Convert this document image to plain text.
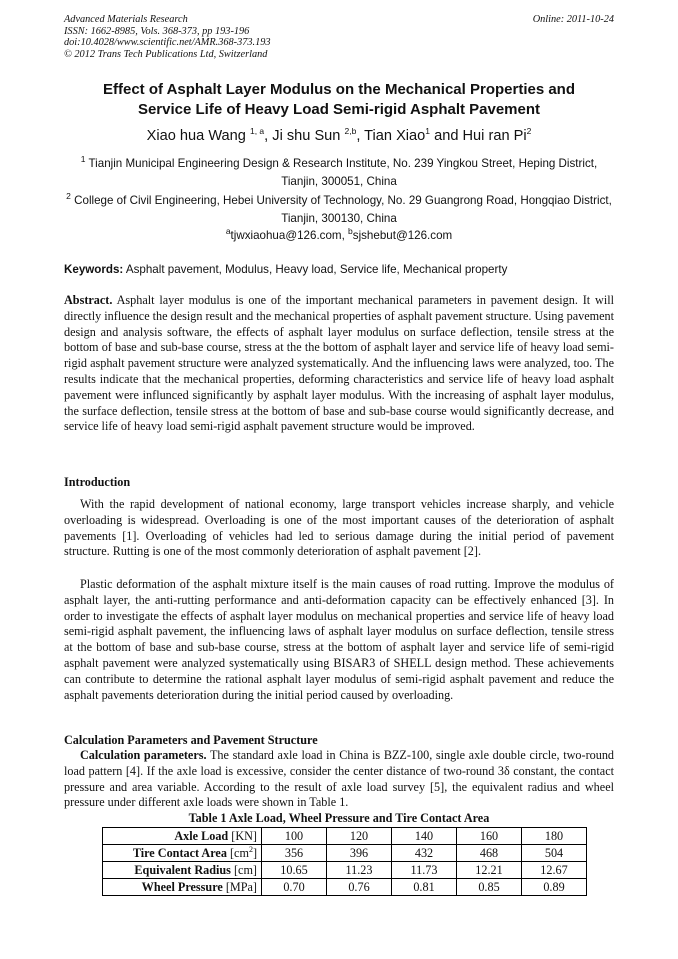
Advanced Materials Research
ISSN: 1662-8985, Vols. 368-373, pp 193-196
doi:10.4028/www.scientific.net/AMR.368-373.193
© 2012 Trans Tech Publications Ltd, Switzerland
Online: 2011-10-24
Effect of Asphalt Layer Modulus on the Mechanical Properties and
Service Life of Heavy Load Semi-rigid Asphalt Pavement
Xiao hua Wang $^{1, a}$, Ji shu Sun $^{2,b}$, Tian Xiao$^1$ and Hui ran Pi$^2$
$^1$ Tianjin Municipal Engineering Design & Research Institute, No. 239 Yingkou Street, Heping District, Tianjin, 300051, China
$^2$ College of Civil Engineering, Hebei University of Technology, No. 29 Guangrong Road, Hongqiao District, Tianjin, 300130, China
$^a$tjwxiaohua@126.com, $^b$sjshebut@126.com
Keywords: Asphalt pavement, Modulus, Heavy load, Service life, Mechanical property
Abstract. Asphalt layer modulus is one of the important mechanical parameters in pavement design. It will directly influence the design result and the mechanical properties of asphalt pavement structure. Using pavement design and analysis software, the effects of asphalt layer modulus on surface deflection, tensile stress at the bottom of base and sub-base course, stress at the the bottom of asphalt layer and service life of heavy load semi-rigid asphalt pavement structure were analyzed systematically. And the influencing laws were analyzed, too. The results indicate that the mechanical properties, deforming characteristics and service life of heavy load asphalt pavement were influnced significantly by asphalt layer modulus. With the increasing of asphalt layer modulus, the surface deflection, tensile stress at the bottom of base and sub-base course would significantly decrease, and service life of heavy load semi-rigid asphalt pavement structure would be improved.
Introduction
With the rapid development of national economy, large transport vehicles increase sharply, and vehicle overloading is widespread. Overloading is one of the most important causes of the deterioration of asphalt pavements [1]. Overloading of vehicles had led to serious damage during the initial period of pavement structure. Rutting is one of the most commonly deterioration of asphalt pavement [2].
Plastic deformation of the asphalt mixture itself is the main causes of road rutting. Improve the modulus of asphalt layer, the anti-rutting performance and anti-deformation capacity can be effectively enhanced [3]. In order to investigate the effects of asphalt layer modulus on mechanical properties and service life of heavy load semi-rigid asphalt pavement, the influencing laws of asphalt layer modulus on surface deflection, tensile stress at the bottom of base and sub-base course, stress at the bottom of asphalt layer and service life of semi-rigid asphalt pavement were analyzed systematically using BISAR3 of SHELL design method. These achievements can contribute to determine the rational asphalt layer modulus of semi-rigid asphalt pavement and reduce the asphalt pavements deterioration during the initial period caused by overloading.
Calculation Parameters and Pavement Structure
Calculation parameters. The standard axle load in China is BZZ-100, single axle double circle, two-round load pattern [4]. If the axle load is excessive, consider the center distance of two-round 3δ constant, the contact pressure and area variable. According to the result of axle load survey [5], the equivalent radius and wheel pressure under different axle loads were shown in Table 1.
Table 1 Axle Load, Wheel Pressure and Tire Contact Area
Axle Load [KN]	100	120	140	160	180
Tire Contact Area $[cm^2]$	356	396	432	468	504
Equivalent Radius [cm]	10.65	11.23	11.73	12.21	12.67
Wheel Pressure [MPa]	0.70	0.76	0.81	0.85	0.89
